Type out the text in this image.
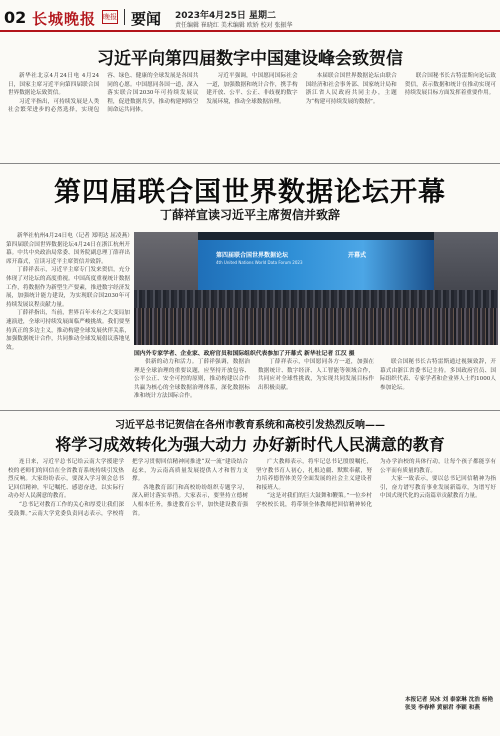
02 长城晚报 晚报 要闻 2023年4月25日 星期二
责任编辑 崔晓红 美术编辑 欧娇 校对 张振华
习近平向第四届数字中国建设峰会致贺信

新华社北京4月24日电 4月24日，国家主席习近平向第四届联合国世界数据论坛致贺信。

习近平指出，可持续发展是人类社会繁荣进步的必然选择，实现包容、绿色、健康的全球发展是各国共同的心愿。中国愿同各国一道，深入落实联合国2030年可持续发展议程，促进数据共享，推动构建网络空间命运共同体。

习近平强调，中国愿同国际社会一道，加强数据和统计合作，携手构建开放、公平、公正、非歧视的数字发展环境，推动全球数据治理。

本届联合国世界数据论坛由联合国经济和社会事务部、国家统计局和浙江省人民政府共同主办，主题为“构建可持续发展的数据”。

联合国秘书长古特雷斯向论坛致贺信，表示数据和统计在推动实现可持续发展目标方面发挥着重要作用。

第四届联合国世界数据论坛开幕
丁薛祥宣读习近平主席贺信并致辞

新华社杭州4月24日电（记者 郑明达 屈凌燕）第四届联合国世界数据论坛4月24日在浙江杭州开幕。中共中央政治局常委、国务院副总理丁薛祥出席开幕式，宣读习近平主席贺信并致辞。

丁薛祥表示，习近平主席专门发来贺信，充分体现了对论坛的高度重视。中国高度重视统计数据工作，将数据作为新型生产要素，推进数字经济发展，加强统计能力建设，为实现联合国2030年可持续发展议程贡献力量。

丁薛祥指出，当前，世界百年未有之大变局加速演进，全球可持续发展面临严峻挑战。我们要坚持真正的多边主义，推动构建全球发展伙伴关系，加强数据统计合作，共同推动全球发展倡议落地见效。

第四届联合国世界数据论坛
4th United Nations World Data Forum 2023
开幕式
国内外专家学者、企业家、政府官员和国际组织代表参加了开幕式 新华社记者 江汉 摄

供新的动力和活力。丁薛祥强调，数据治理是全球治理的重要议题，应坚持开放包容、公平公正、安全可控的原则，推动构建以合作共赢为核心的全球数据治理体系，深化数据标准和统计方法国际合作。

丁薛祥表示，中国愿同各方一道，加强在数据统计、数字经济、人工智能等领域合作，共同应对全球性挑战，为实现共同发展目标作出积极贡献。

联合国秘书长古特雷斯通过视频致辞，开幕式由浙江省委书记主持。多国政府官员、国际组织代表、专家学者和企业界人士约1000人参加论坛。

习近平总书记贺信在各州市教育系统和高校引发热烈反响——
将学习成效转化为强大动力 办好新时代人民满意的教育

连日来，习近平总书记给云南大学援建学校的老师们的回信在全省教育系统持续引发热烈反响。大家纷纷表示，要深入学习领会总书记回信精神，牢记嘱托、感恩奋进，以实际行动办好人民满意的教育。

“总书记对教育工作的关心和厚爱让我们深受鼓舞。”云南大学党委负责同志表示，学校将把学习贯彻回信精神同推进“双一流”建设结合起来，为云南高质量发展提供人才和智力支撑。

各地教育部门和高校纷纷组织专题学习，深入研讨落实举措。大家表示，要坚持立德树人根本任务，推进教育公平，加快建设教育强省。

广大教师表示，将牢记总书记殷殷嘱托，坚守教书育人初心，扎根边疆、默默奉献，努力培养德智体美劳全面发展的社会主义建设者和接班人。

“这是对我们的巨大鼓舞和鞭策。”一位乡村学校校长说，将带领全体教师把回信精神转化为办学治校的具体行动，让每个孩子都能享有公平而有质量的教育。

大家一致表示，要以总书记回信精神为指引，奋力谱写教育事业发展新篇章，为谱写好中国式现代化的云南篇章贡献教育力量。

本报记者 吴冰 刘 泰家琳 沈浩 杨艳 张旻 李春桦 黄丽君 李颖 和燕
